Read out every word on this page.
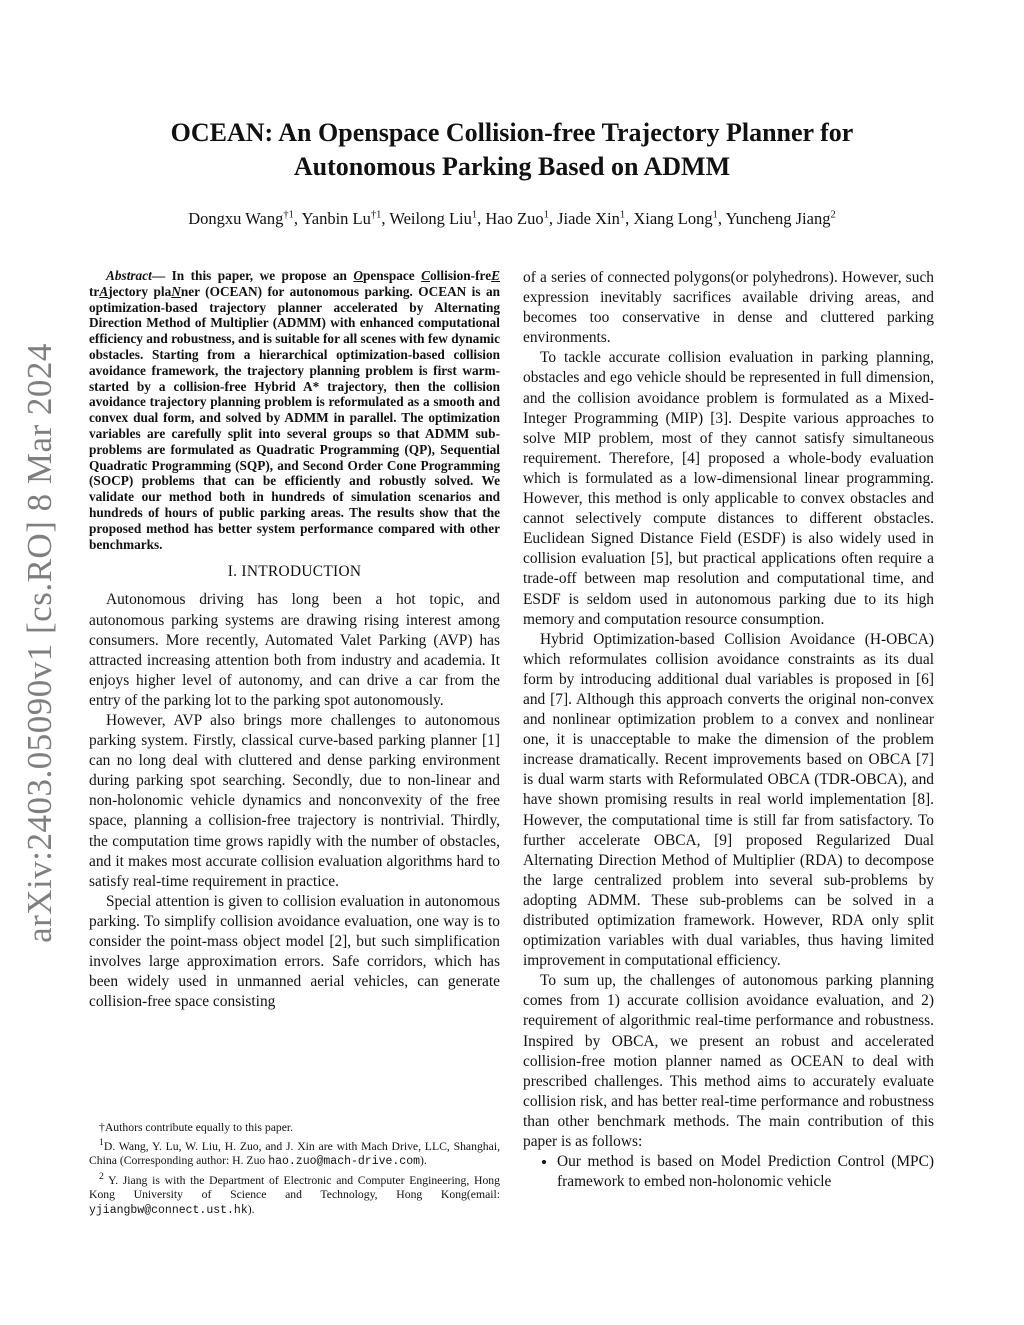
arXiv:2403.05090v1 [cs.RO] 8 Mar 2024
OCEAN: An Openspace Collision-free Trajectory Planner for
Autonomous Parking Based on ADMM
Dongxu Wang$^{\dagger 1}$, Yanbin Lu$^{\dagger 1}$, Weilong Liu$^1$, Hao Zuo$^1$, Jiade Xin$^1$, Xiang Long$^1$, Yuncheng Jiang$^2$

Abstract— In this paper, we propose an Openspace Collision-freE trAjectory plaNner (OCEAN) for autonomous parking. OCEAN is an optimization-based trajectory planner accelerated by Alternating Direction Method of Multiplier (ADMM) with enhanced computational efficiency and robustness, and is suitable for all scenes with few dynamic obstacles. Starting from a hierarchical optimization-based collision avoidance framework, the trajectory planning problem is first warm-started by a collision-free Hybrid A* trajectory, then the collision avoidance trajectory planning problem is reformulated as a smooth and convex dual form, and solved by ADMM in parallel. The optimization variables are carefully split into several groups so that ADMM sub-problems are formulated as Quadratic Programming (QP), Sequential Quadratic Programming (SQP), and Second Order Cone Programming (SOCP) problems that can be efficiently and robustly solved. We validate our method both in hundreds of simulation scenarios and hundreds of hours of public parking areas. The results show that the proposed method has better system performance compared with other benchmarks.

I. INTRODUCTION

Autonomous driving has long been a hot topic, and autonomous parking systems are drawing rising interest among consumers. More recently, Automated Valet Parking (AVP) has attracted increasing attention both from industry and academia. It enjoys higher level of autonomy, and can drive a car from the entry of the parking lot to the parking spot autonomously.

However, AVP also brings more challenges to autonomous parking system. Firstly, classical curve-based parking planner [1] can no long deal with cluttered and dense parking environment during parking spot searching. Secondly, due to non-linear and non-holonomic vehicle dynamics and nonconvexity of the free space, planning a collision-free trajectory is nontrivial. Thirdly, the computation time grows rapidly with the number of obstacles, and it makes most accurate collision evaluation algorithms hard to satisfy real-time requirement in practice.

Special attention is given to collision evaluation in autonomous parking. To simplify collision avoidance evaluation, one way is to consider the point-mass object model [2], but such simplification involves large approximation errors. Safe corridors, which has been widely used in unmanned aerial vehicles, can generate collision-free space consisting

†Authors contribute equally to this paper.

$^1$D. Wang, Y. Lu, W. Liu, H. Zuo, and J. Xin are with Mach Drive, LLC, Shanghai, China (Corresponding author: H. Zuo hao.zuo@mach-drive.com).

$^2$ Y. Jiang is with the Department of Electronic and Computer Engineering, Hong Kong University of Science and Technology, Hong Kong(email: yjiangbw@connect.ust.hk).

of a series of connected polygons(or polyhedrons). However, such expression inevitably sacrifices available driving areas, and becomes too conservative in dense and cluttered parking environments.

To tackle accurate collision evaluation in parking planning, obstacles and ego vehicle should be represented in full dimension, and the collision avoidance problem is formulated as a Mixed-Integer Programming (MIP) [3]. Despite various approaches to solve MIP problem, most of they cannot satisfy simultaneous requirement. Therefore, [4] proposed a whole-body evaluation which is formulated as a low-dimensional linear programming. However, this method is only applicable to convex obstacles and cannot selectively compute distances to different obstacles. Euclidean Signed Distance Field (ESDF) is also widely used in collision evaluation [5], but practical applications often require a trade-off between map resolution and computational time, and ESDF is seldom used in autonomous parking due to its high memory and computation resource consumption.

Hybrid Optimization-based Collision Avoidance (H-OBCA) which reformulates collision avoidance constraints as its dual form by introducing additional dual variables is proposed in [6] and [7]. Although this approach converts the original non-convex and nonlinear optimization problem to a convex and nonlinear one, it is unacceptable to make the dimension of the problem increase dramatically. Recent improvements based on OBCA [7] is dual warm starts with Reformulated OBCA (TDR-OBCA), and have shown promising results in real world implementation [8]. However, the computational time is still far from satisfactory. To further accelerate OBCA, [9] proposed Regularized Dual Alternating Direction Method of Multiplier (RDA) to decompose the large centralized problem into several sub-problems by adopting ADMM. These sub-problems can be solved in a distributed optimization framework. However, RDA only split optimization variables with dual variables, thus having limited improvement in computational efficiency.

To sum up, the challenges of autonomous parking planning comes from 1) accurate collision avoidance evaluation, and 2) requirement of algorithmic real-time performance and robustness. Inspired by OBCA, we present an robust and accelerated collision-free motion planner named as OCEAN to deal with prescribed challenges. This method aims to accurately evaluate collision risk, and has better real-time performance and robustness than other benchmark methods. The main contribution of this paper is as follows:

• Our method is based on Model Prediction Control (MPC) framework to embed non-holonomic vehicle
